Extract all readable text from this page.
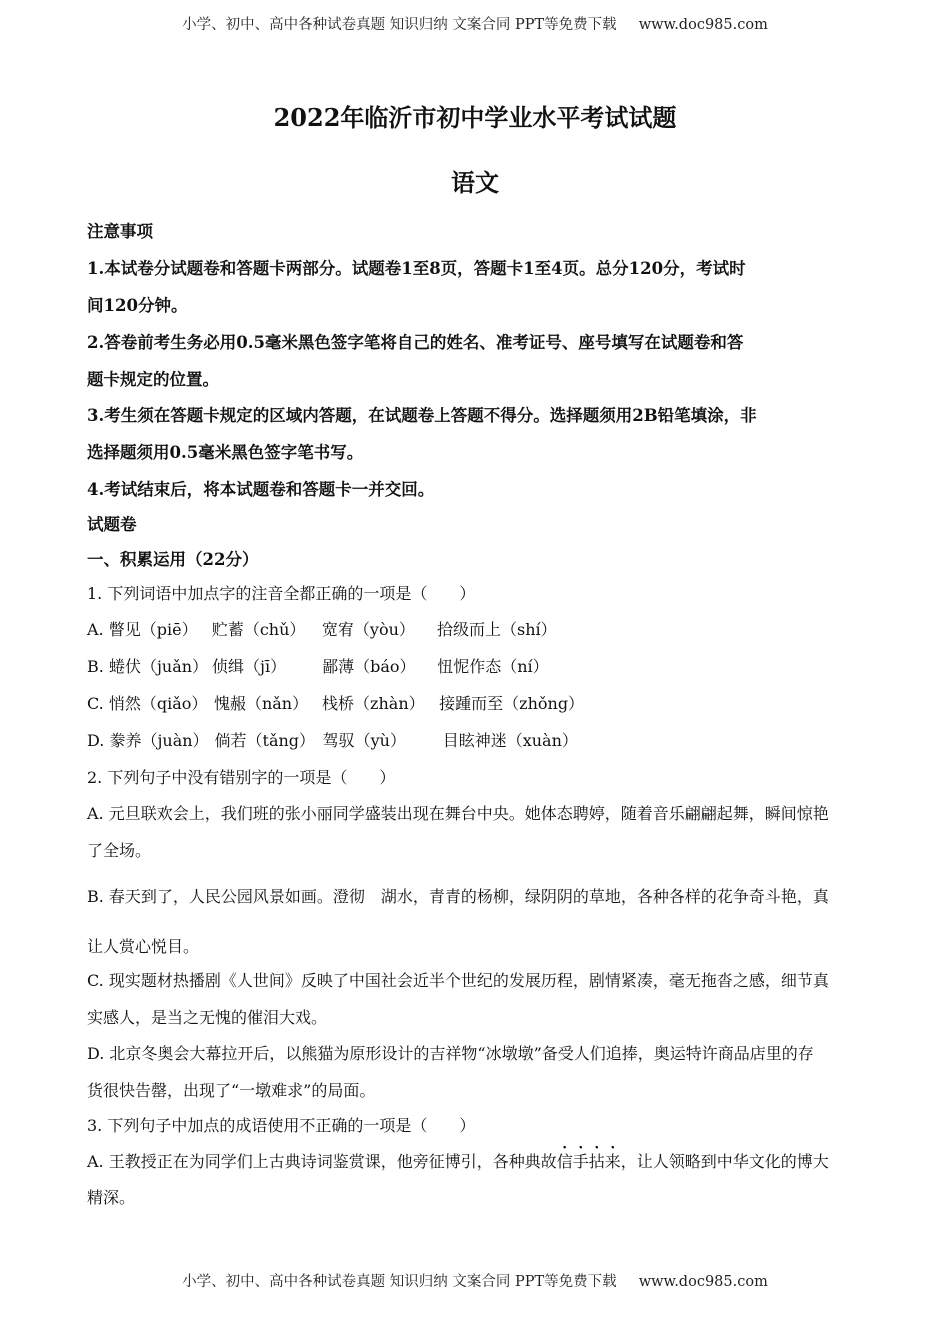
小学、初中、高中各种试卷真题 知识归纳 文案合同 PPT等免费下载 www.doc985.com
2022年临沂市初中学业水平考试试题
语文
注意事项
1.本试卷分试题卷和答题卡两部分。试题卷1至8页，答题卡1至4页。总分120分，考试时
间120分钟。
2.答卷前考生务必用0.5毫米黑色签字笔将自己的姓名、准考证号、座号填写在试题卷和答
题卡规定的位置。
3.考生须在答题卡规定的区域内答题，在试题卷上答题不得分。选择题须用2B铅笔填涂，非
选择题须用0.5毫米黑色签字笔书写。
4.考试结束后，将本试题卷和答题卡一并交回。
试题卷
一、积累运用（22分）
1. 下列词语中加点字的注音全都正确的一项是（　　）
A. 瞥见（piē） 贮蓄（chǔ） 宽宥（yòu） 拾级而上（shí）
B. 蜷伏（juǎn） 侦缉（jī） 鄙薄（báo） 忸怩作态（ní）
C. 悄然（qiǎo） 愧赧（nǎn） 栈桥（zhàn） 接踵而至（zhǒng）
D. 豢养（juàn） 倘若（tǎng） 驾驭（yù） 目眩神迷（xuàn）
2. 下列句子中没有错别字的一项是（　　）
A. 元旦联欢会上，我们班的张小丽同学盛装出现在舞台中央。她体态聘婷，随着音乐翩翩起舞，瞬间惊艳
了全场。
B. 春天到了，人民公园风景如画。澄彻　湖水，青青的杨柳，绿阴阴的草地，各种各样的花争奇斗艳，真
让人赏心悦目。
C. 现实题材热播剧《人世间》反映了中国社会近半个世纪的发展历程，剧情紧凑，毫无拖沓之感，细节真
实感人，是当之无愧的催泪大戏。
D. 北京冬奥会大幕拉开后，以熊猫为原形设计的吉祥物“冰墩墩”备受人们追捧，奥运特许商品店里的存
货很快告罄，出现了“一墩难求”的局面。
3. 下列句子中加点的成语使用不正确的一项是（　　）
A. 王教授正在为同学们上古典诗词鉴赏课，他旁征博引，各种典故信手拈来，让人领略到中华文化的博大
精深。
小学、初中、高中各种试卷真题 知识归纳 文案合同 PPT等免费下载 www.doc985.com
